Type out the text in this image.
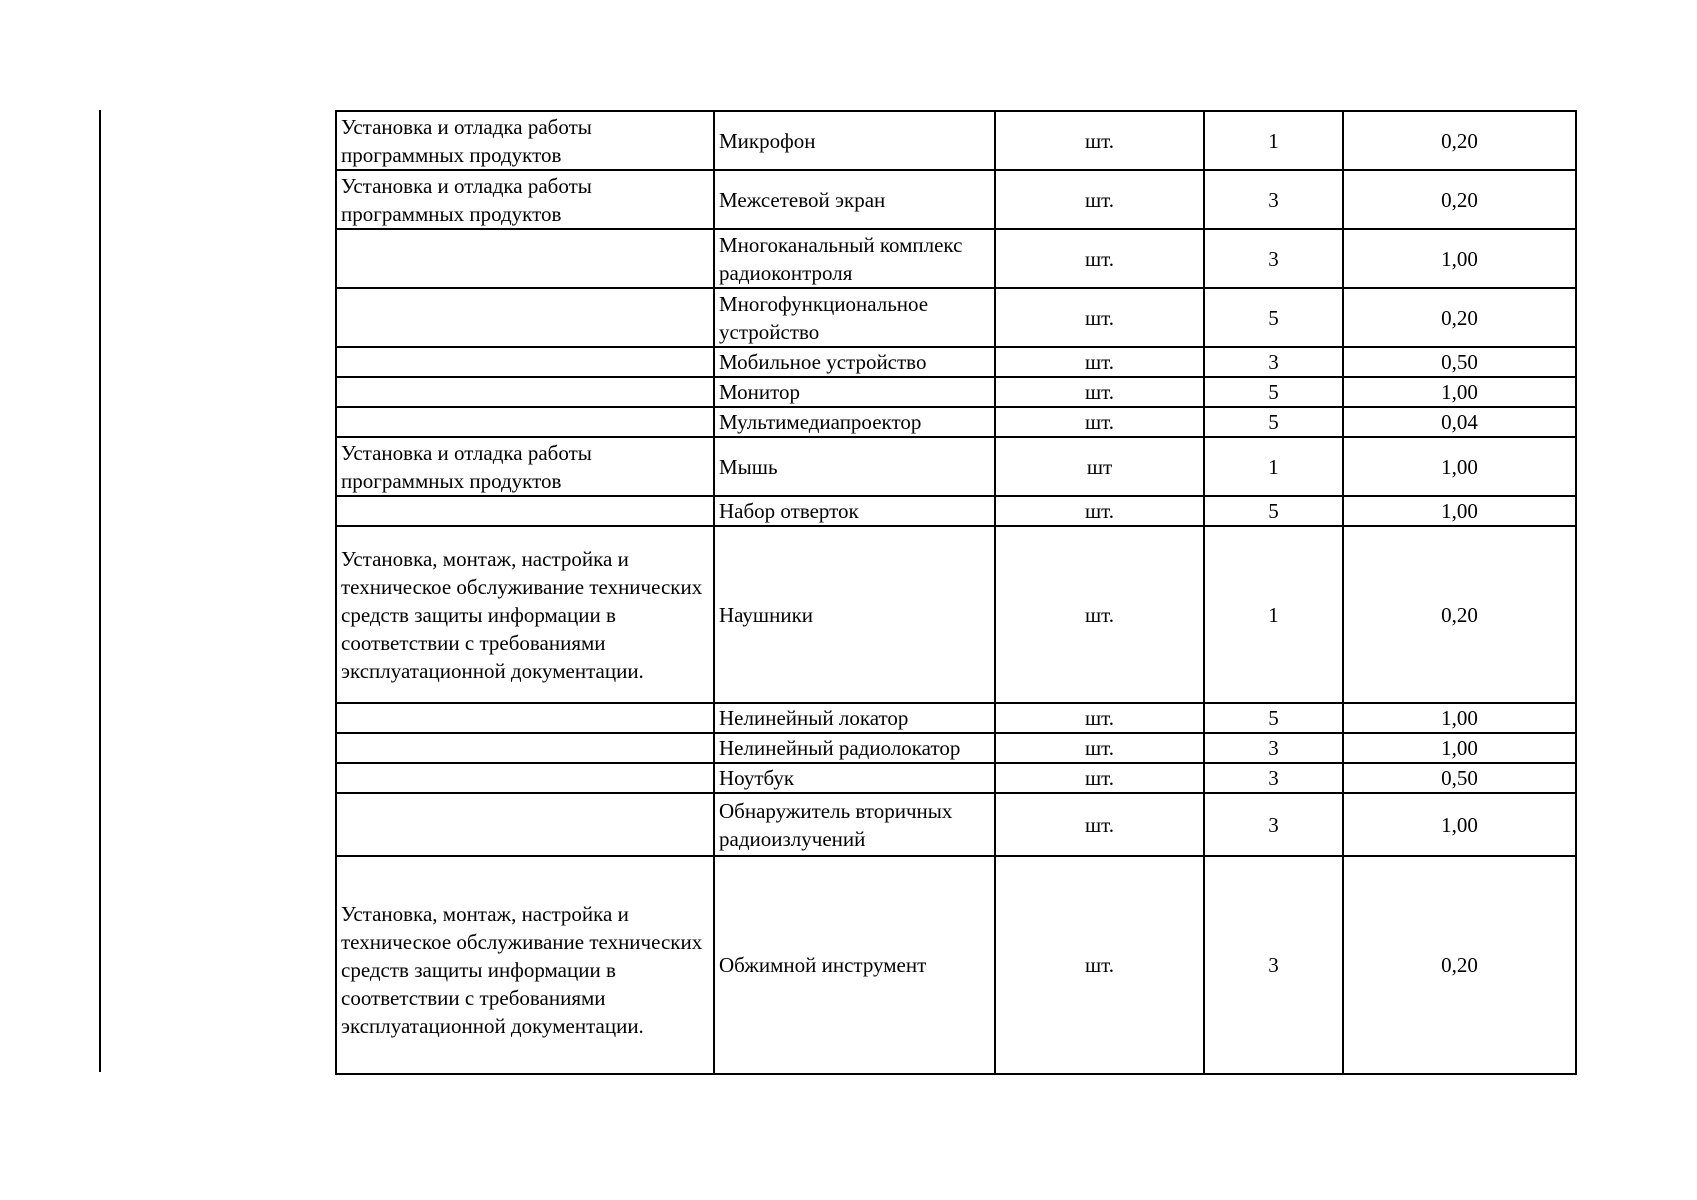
Установка и отладка работы программных продуктов	Микрофон	шт.	1	0,20
Установка и отладка работы программных продуктов	Межсетевой экран	шт.	3	0,20
	Многоканальный комплекс радиоконтроля	шт.	3	1,00
	Многофункциональное устройство	шт.	5	0,20
	Мобильное устройство	шт.	3	0,50
	Монитор	шт.	5	1,00
	Мультимедиапроектор	шт.	5	0,04
Установка и отладка работы программных продуктов	Мышь	шт	1	1,00
	Набор отверток	шт.	5	1,00
Установка, монтаж, настройка и техническое обслуживание технических средств защиты информации в соответствии с требованиями эксплуатационной документации.	Наушники	шт.	1	0,20
	Нелинейный локатор	шт.	5	1,00
	Нелинейный радиолокатор	шт.	3	1,00
	Ноутбук	шт.	3	0,50
	Обнаружитель вторичных радиоизлучений	шт.	3	1,00
Установка, монтаж, настройка и техническое обслуживание технических средств защиты информации в соответствии с требованиями эксплуатационной документации.	Обжимной инструмент	шт.	3	0,20
